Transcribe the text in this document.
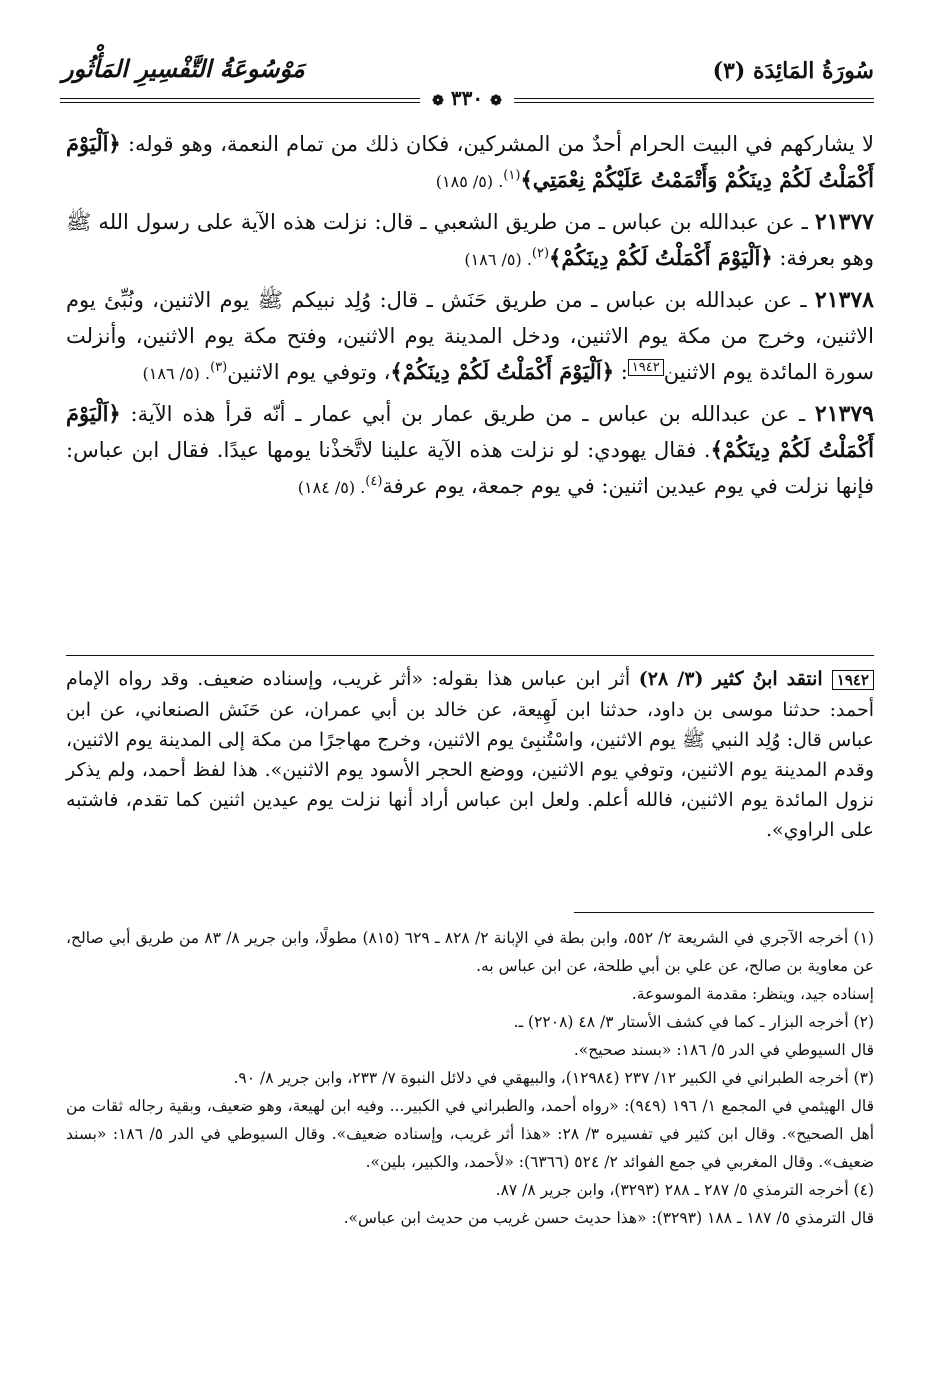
سُورَةُ المَائِدَة (٣)
مَوْسُوعَةُ التَّفْسِيرِ المَأْثُور
❁ ٣٣٠ ❁

لا يشاركهم في البيت الحرام أحدٌ من المشركين، فكان ذلك من تمام النعمة، وهو قوله: ﴿اَلْيَوْمَ أَكْمَلْتُ لَكُمْ دِينَكُمْ وَأَتْمَمْتُ عَلَيْكُمْ نِعْمَتِي﴾$^{(١)}$. (٥/ ١٨٥)

٢١٣٧٧ ـ عن عبدالله بن عباس ـ من طريق الشعبي ـ قال: نزلت هذه الآية على رسول الله ﷺ وهو بعرفة: ﴿اَلْيَوْمَ أَكْمَلْتُ لَكُمْ دِينَكُمْ﴾$^{(٢)}$. (٥/ ١٨٦)

٢١٣٧٨ ـ عن عبدالله بن عباس ـ من طريق حَنَش ـ قال: وُلِد نبيكم ﷺ يوم الاثنين، ونُبِّئ يوم الاثنين، وخرج من مكة يوم الاثنين، ودخل المدينة يوم الاثنين، وفتح مكة يوم الاثنين، وأنزلت سورة المائدة يوم الاثنين$^{١٩٤٢}$: ﴿اَلْيَوْمَ أَكْمَلْتُ لَكُمْ دِينَكُمْ﴾، وتوفي يوم الاثنين$^{(٣)}$. (٥/ ١٨٦)

٢١٣٧٩ ـ عن عبدالله بن عباس ـ من طريق عمار بن أبي عمار ـ أنّه قرأ هذه الآية: ﴿اَلْيَوْمَ أَكْمَلْتُ لَكُمْ دِينَكُمْ﴾. فقال يهودي: لو نزلت هذه الآية علينا لاتَّخذْنا يومها عيدًا. فقال ابن عباس: فإنها نزلت في يوم عيدين اثنين: في يوم جمعة، يوم عرفة$^{(٤)}$. (٥/ ١٨٤)

١٩٤٢ انتقد ابنُ كثير (٣/ ٢٨) أثر ابن عباس هذا بقوله: «أثر غريب، وإسناده ضعيف. وقد رواه الإمام أحمد: حدثنا موسى بن داود، حدثنا ابن لَهِيعة، عن خالد بن أبي عمران، عن حَنَش الصنعاني، عن ابن عباس قال: وُلِد النبي ﷺ يوم الاثنين، واسْتُنبِئ يوم الاثنين، وخرج مهاجرًا من مكة إلى المدينة يوم الاثنين، وقدم المدينة يوم الاثنين، وتوفي يوم الاثنين، ووضع الحجر الأسود يوم الاثنين». هذا لفظ أحمد، ولم يذكر نزول المائدة يوم الاثنين، فالله أعلم. ولعل ابن عباس أراد أنها نزلت يوم عيدين اثنين كما تقدم، فاشتبه على الراوي».

(١) أخرجه الآجري في الشريعة ٢/ ٥٥٢، وابن بطة في الإبانة ٢/ ٨٢٨ ـ ٦٢٩ (٨١٥) مطولًا، وابن جرير ٨/ ٨٣ من طريق أبي صالح، عن معاوية بن صالح، عن علي بن أبي طلحة، عن ابن عباس به.

إسناده جيد، وينظر: مقدمة الموسوعة.

(٢) أخرجه البزار ـ كما في كشف الأستار ٣/ ٤٨ (٢٢٠٨) ـ.

قال السيوطي في الدر ٥/ ١٨٦: «بسند صحيح».

(٣) أخرجه الطبراني في الكبير ١٢/ ٢٣٧ (١٢٩٨٤)، والبيهقي في دلائل النبوة ٧/ ٢٣٣، وابن جرير ٨/ ٩٠.

قال الهيثمي في المجمع ١/ ١٩٦ (٩٤٩): «رواه أحمد، والطبراني في الكبير... وفيه ابن لهيعة، وهو ضعيف، وبقية رجاله ثقات من أهل الصحيح». وقال ابن كثير في تفسيره ٣/ ٢٨: «هذا أثر غريب، وإسناده ضعيف». وقال السيوطي في الدر ٥/ ١٨٦: «بسند ضعيف». وقال المغربي في جمع الفوائد ٢/ ٥٢٤ (٦٣٦٦): «لأحمد، والكبير، بلين».

(٤) أخرجه الترمذي ٥/ ٢٨٧ ـ ٢٨٨ (٣٢٩٣)، وابن جرير ٨/ ٨٧.

قال الترمذي ٥/ ١٨٧ ـ ١٨٨ (٣٢٩٣): «هذا حديث حسن غريب من حديث ابن عباس».
